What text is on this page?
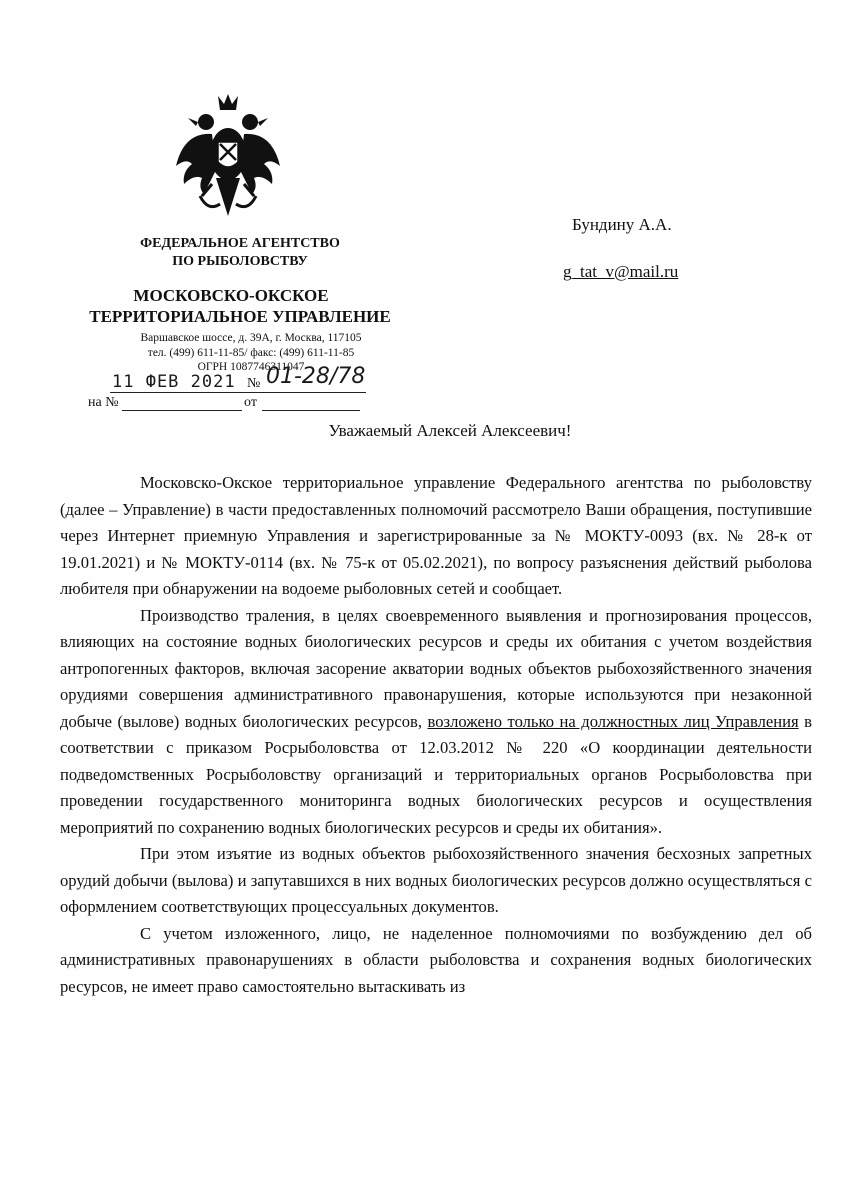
ФЕДЕРАЛЬНОЕ АГЕНТСТВО
ПО РЫБОЛОВСТВУ
МОСКОВСКО-ОКСКОЕ
ТЕРРИТОРИАЛЬНОЕ УПРАВЛЕНИЕ
Варшавское шоссе, д. 39А, г. Москва, 117105
тел. (499) 611-11-85/ факс: (499) 611-11-85
ОГРН 1087746311047
11 ФЕВ 2021 № 01-28/78
на №	от
Бундину А.А.
g_tat_v@mail.ru
Уважаемый Алексей Алексеевич!

Московско-Окское территориальное управление Федерального агентства по рыболовству (далее – Управление) в части предоставленных полномочий рассмотрело Ваши обращения, поступившие через Интернет приемную Управления и зарегистрированные за № МОКТУ-0093 (вх. № 28-к от 19.01.2021) и № МОКТУ-0114 (вх. № 75-к от 05.02.2021), по вопросу разъяснения действий рыболова любителя при обнаружении на водоеме рыболовных сетей и сообщает.

Производство траления, в целях своевременного выявления и прогнозирования процессов, влияющих на состояние водных биологических ресурсов и среды их обитания с учетом воздействия антропогенных факторов, включая засорение акватории водных объектов рыбохозяйственного значения орудиями совершения административного правонарушения, которые используются при незаконной добыче (вылове) водных биологических ресурсов, возложено только на должностных лиц Управления в соответствии с приказом Росрыболовства от 12.03.2012 № 220 «О координации деятельности подведомственных Росрыболовству организаций и территориальных органов Росрыболовства при проведении государственного мониторинга водных биологических ресурсов и осуществления мероприятий по сохранению водных биологических ресурсов и среды их обитания».

При этом изъятие из водных объектов рыбохозяйственного значения бесхозных запретных орудий добычи (вылова) и запутавшихся в них водных биологических ресурсов должно осуществляться с оформлением соответствующих процессуальных документов.

С учетом изложенного, лицо, не наделенное полномочиями по возбуждению дел об административных правонарушениях в области рыболовства и сохранения водных биологических ресурсов, не имеет право самостоятельно вытаскивать из
